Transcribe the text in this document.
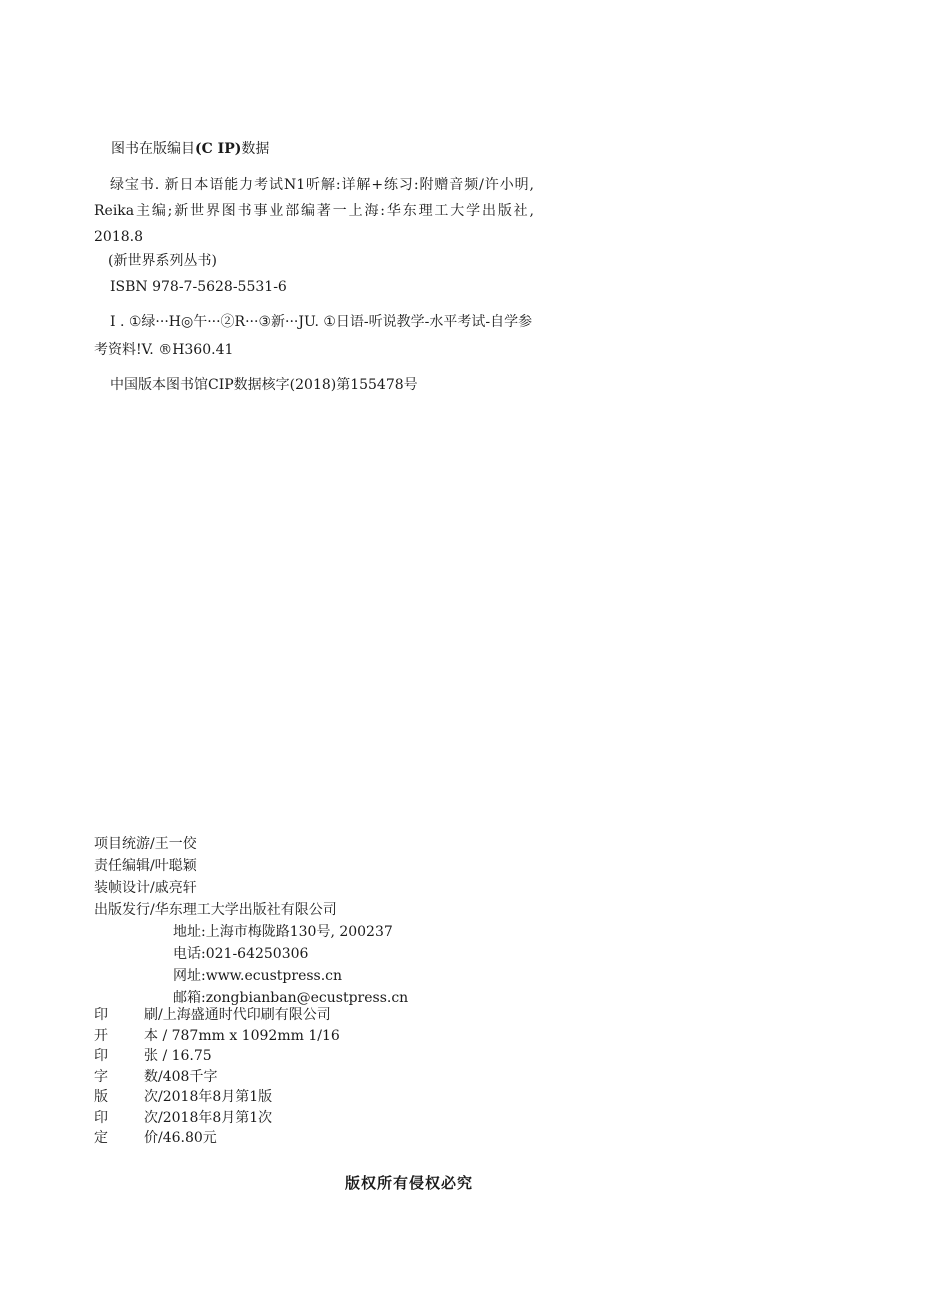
图书在版编目(C IP)数据
绿宝书. 新日本语能力考试N1听解:详解+练习:附赠音频/许小明, Reika主编;新世界图书事业部编著一上海:华东理工大学出版社, 2018.8
(新世界系列丛书)
ISBN 978-7-5628-5531-6
I . ①绿···H◎午···②R···③新···JU. ①日语-听说教学-水平考试-自学参考资料!V. ®H360.41
中国版本图书馆CIP数据核字(2018)第155478号
项目统游/王一佼
责任编辑/叶聪颖
装帧设计/戚亮轩
出版发行/华东理工大学出版社有限公司
地址:上海市梅陇路130号, 200237
电话:021-64250306
网址:www.ecustpress.cn
邮箱:zongbianban@ecustpress.cn
印	刷/上海盛通时代印刷有限公司
开	本 / 787mm x 1092mm 1/16
印	张 / 16.75
字	数/408千字
版	次/2018年8月第1版
印	次/2018年8月第1次
定	价/46.80元
版权所有侵权必究
